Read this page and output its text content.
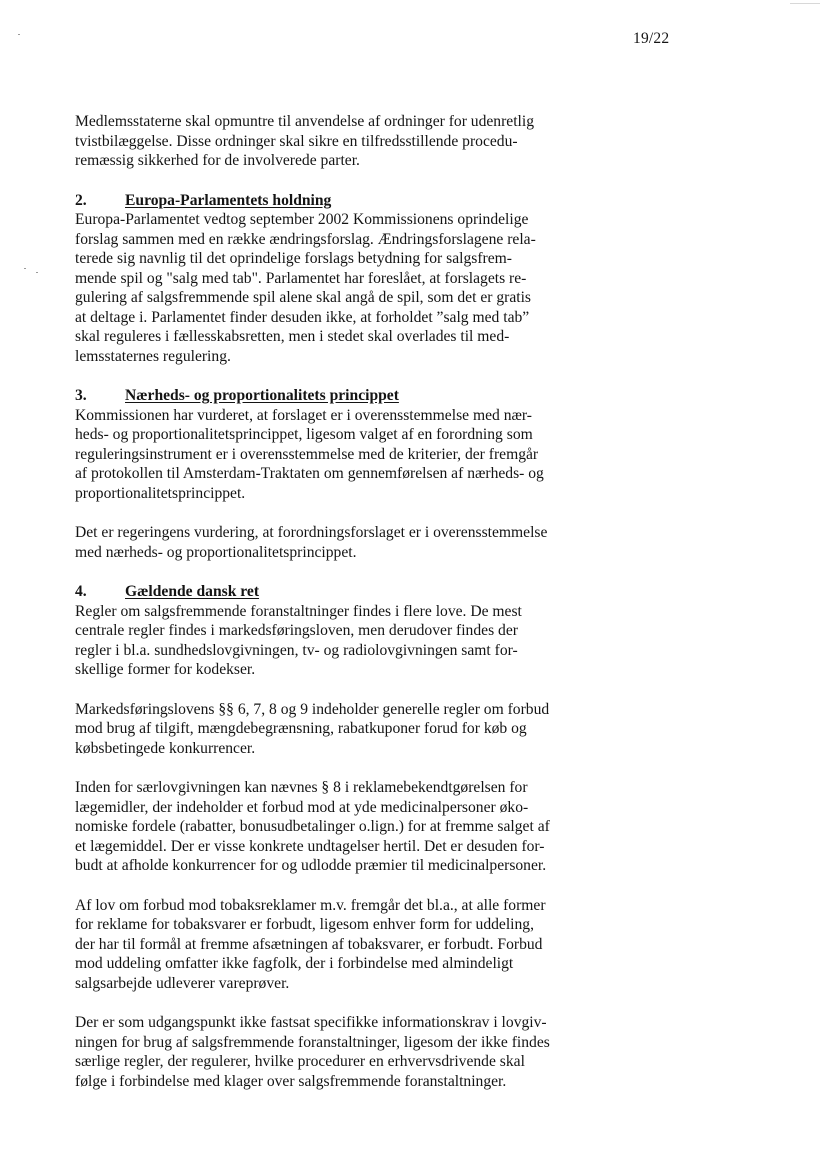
19/22
Medlemsstaterne skal opmuntre til anvendelse af ordninger for udenretlig
tvistbilæggelse. Disse ordninger skal sikre en tilfredsstillende procedu-
remæssig sikkerhed for de involverede parter.
2. Europa-Parlamentets holdning
Europa-Parlamentet vedtog september 2002 Kommissionens oprindelige
forslag sammen med en række ændringsforslag. Ændringsforslagene rela-
terede sig navnlig til det oprindelige forslags betydning for salgsfrem-
mende spil og "salg med tab". Parlamentet har foreslået, at forslagets re-
gulering af salgsfremmende spil alene skal angå de spil, som det er gratis
at deltage i. Parlamentet finder desuden ikke, at forholdet ”salg med tab”
skal reguleres i fællesskabsretten, men i stedet skal overlades til med-
lemsstaternes regulering.
3. Nærheds- og proportionalitets princippet
Kommissionen har vurderet, at forslaget er i overensstemmelse med nær-
heds- og proportionalitetsprincippet, ligesom valget af en forordning som
reguleringsinstrument er i overensstemmelse med de kriterier, der fremgår
af protokollen til Amsterdam-Traktaten om gennemførelsen af nærheds- og
proportionalitetsprincippet.
Det er regeringens vurdering, at forordningsforslaget er i overensstemmelse
med nærheds- og proportionalitetsprincippet.
4. Gældende dansk ret
Regler om salgsfremmende foranstaltninger findes i flere love. De mest
centrale regler findes i markedsføringsloven, men derudover findes der
regler i bl.a. sundhedslovgivningen, tv- og radiolovgivningen samt for-
skellige former for kodekser.
Markedsføringslovens §§ 6, 7, 8 og 9 indeholder generelle regler om forbud
mod brug af tilgift, mængdebegrænsning, rabatkuponer forud for køb og
købsbetingede konkurrencer.
Inden for særlovgivningen kan nævnes § 8 i reklamebekendtgørelsen for
lægemidler, der indeholder et forbud mod at yde medicinalpersoner øko-
nomiske fordele (rabatter, bonusudbetalinger o.lign.) for at fremme salget af
et lægemiddel. Der er visse konkrete undtagelser hertil. Det er desuden for-
budt at afholde konkurrencer for og udlodde præmier til medicinalpersoner.
Af lov om forbud mod tobaksreklamer m.v. fremgår det bl.a., at alle former
for reklame for tobaksvarer er forbudt, ligesom enhver form for uddeling,
der har til formål at fremme afsætningen af tobaksvarer, er forbudt. Forbud
mod uddeling omfatter ikke fagfolk, der i forbindelse med almindeligt
salgsarbejde udleverer vareprøver.
Der er som udgangspunkt ikke fastsat specifikke informationskrav i lovgiv-
ningen for brug af salgsfremmende foranstaltninger, ligesom der ikke findes
særlige regler, der regulerer, hvilke procedurer en erhvervsdrivende skal
følge i forbindelse med klager over salgsfremmende foranstaltninger.
